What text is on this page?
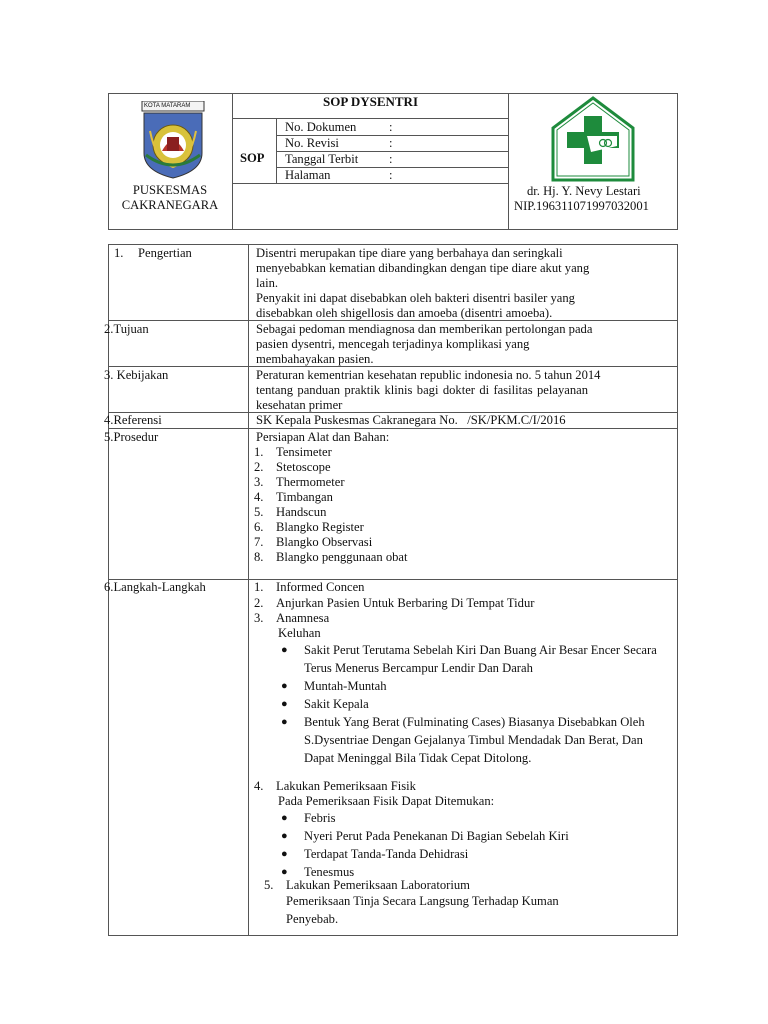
KOTA MATARAM	SOP DYSENTRI
SOP
No. Dokumen	:
No. Revisi	:
Tanggal Terbit :
Halaman	:
PUSKESMAS
CAKRANEGARA
dr. Hj. Y. Nevy Lestari
NIP.196311071997032001
1. Pengertian	Disentri merupakan tipe diare yang berbahaya dan seringkali
menyebabkan kematian dibandingkan dengan tipe diare akut yang
lain.
Penyakit ini dapat disebabkan oleh bakteri disentri basiler yang
disebabkan oleh shigellosis dan amoeba (disentri amoeba).
2.Tujuan	Sebagai pedoman mendiagnosa dan memberikan pertolongan pada
pasien dysentri, mencegah terjadinya komplikasi yang
membahayakan pasien.
3. Kebijakan	Peraturan kementrian kesehatan republic indonesia no. 5 tahun 2014
tentang panduan praktik klinis bagi dokter di fasilitas pelayanan
kesehatan primer
4.Referensi	SK Kepala Puskesmas Cakranegara No.   /SK/PKM.C/I/2016
5.Prosedur	Persiapan Alat dan Bahan:
1. Tensimeter
2. Stetoscope
3. Thermometer
4. Timbangan
5. Handscun
6. Blangko Register
7. Blangko Observasi
8. Blangko penggunaan obat
6.Langkah-Langkah	1. Informed Concen
2. Anjurkan Pasien Untuk Berbaring Di Tempat Tidur
3. Anamnesa
Keluhan
● Sakit Perut Terutama Sebelah Kiri Dan Buang Air Besar Encer Secara Terus Menerus Bercampur Lendir Dan Darah
● Muntah-Muntah
● Sakit Kepala
● Bentuk Yang Berat (Fulminating Cases) Biasanya Disebabkan Oleh S.Dysentriae Dengan Gejalanya Timbul Mendadak Dan Berat, Dan Dapat Meninggal Bila Tidak Cepat Ditolong.
4. Lakukan Pemeriksaan Fisik
Pada Pemeriksaan Fisik Dapat Ditemukan:
● Febris
● Nyeri Perut Pada Penekanan Di Bagian Sebelah Kiri
● Terdapat Tanda-Tanda Dehidrasi
● Tenesmus
5. Lakukan Pemeriksaan Laboratorium
Pemeriksaan Tinja Secara Langsung Terhadap Kuman
Penyebab.
